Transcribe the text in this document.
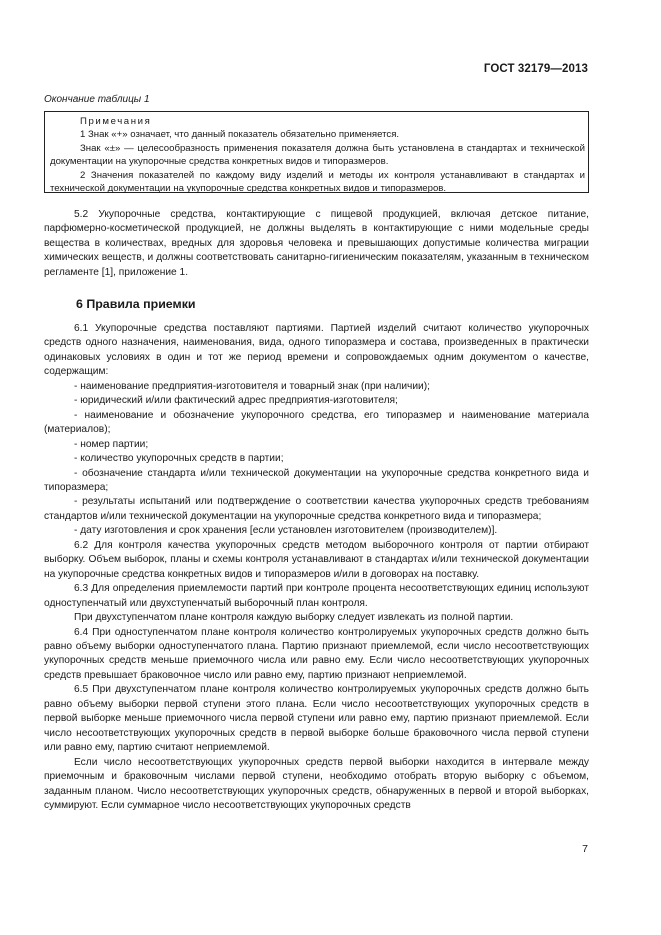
ГОСТ 32179—2013
Окончание таблицы 1

Примечания

1 Знак «+» означает, что данный показатель обязательно применяется.

Знак «±» — целесообразность применения показателя должна быть установлена в стандартах и технической документации на укупорочные средства конкретных видов и типоразмеров.

2 Значения показателей по каждому виду изделий и методы их контроля устанавливают в стандартах и технической документации на укупорочные средства конкретных видов и типоразмеров.

5.2 Укупорочные средства, контактирующие с пищевой продукцией, включая детское питание, парфюмерно-косметической продукцией, не должны выделять в контактирующие с ними модельные среды вещества в количествах, вредных для здоровья человека и превышающих допустимые количества миграции химических веществ, и должны соответствовать санитарно-гигиеническим показателям, указанным в техническом регламенте [1], приложение 1.

6 Правила приемки

6.1 Укупорочные средства поставляют партиями. Партией изделий считают количество укупорочных средств одного назначения, наименования, вида, одного типоразмера и состава, произведенных в практически одинаковых условиях в один и тот же период времени и сопровождаемых одним документом о качестве, содержащим:

- наименование предприятия-изготовителя и товарный знак (при наличии);

- юридический и/или фактический адрес предприятия-изготовителя;

- наименование и обозначение укупорочного средства, его типоразмер и наименование материала (материалов);

- номер партии;

- количество укупорочных средств в партии;

- обозначение стандарта и/или технической документации на укупорочные средства конкретного вида и типоразмера;

- результаты испытаний или подтверждение о соответствии качества укупорочных средств требованиям стандартов и/или технической документации на укупорочные средства конкретного вида и типоразмера;

- дату изготовления и срок хранения [если установлен изготовителем (производителем)].

6.2 Для контроля качества укупорочных средств методом выборочного контроля от партии отбирают выборку. Объем выборок, планы и схемы контроля устанавливают в стандартах и/или технической документации на укупорочные средства конкретных видов и типоразмеров и/или в договорах на поставку.

6.3 Для определения приемлемости партий при контроле процента несоответствующих единиц используют одноступенчатый или двухступенчатый выборочный план контроля.

При двухступенчатом плане контроля каждую выборку следует извлекать из полной партии.

6.4 При одноступенчатом плане контроля количество контролируемых укупорочных средств должно быть равно объему выборки одноступенчатого плана. Партию признают приемлемой, если число несоответствующих укупорочных средств меньше приемочного числа или равно ему. Если число несоответствующих укупорочных средств превышает браковочное число или равно ему, партию признают неприемлемой.

6.5 При двухступенчатом плане контроля количество контролируемых укупорочных средств должно быть равно объему выборки первой ступени этого плана. Если число несоответствующих укупорочных средств в первой выборке меньше приемочного числа первой ступени или равно ему, партию признают приемлемой. Если число несоответствующих укупорочных средств в первой выборке больше браковочного числа первой ступени или равно ему, партию считают неприемлемой.

Если число несоответствующих укупорочных средств первой выборки находится в интервале между приемочным и браковочным числами первой ступени, необходимо отобрать вторую выборку с объемом, заданным планом. Число несоответствующих укупорочных средств, обнаруженных в первой и второй выборках, суммируют. Если суммарное число несоответствующих укупорочных средств

7
